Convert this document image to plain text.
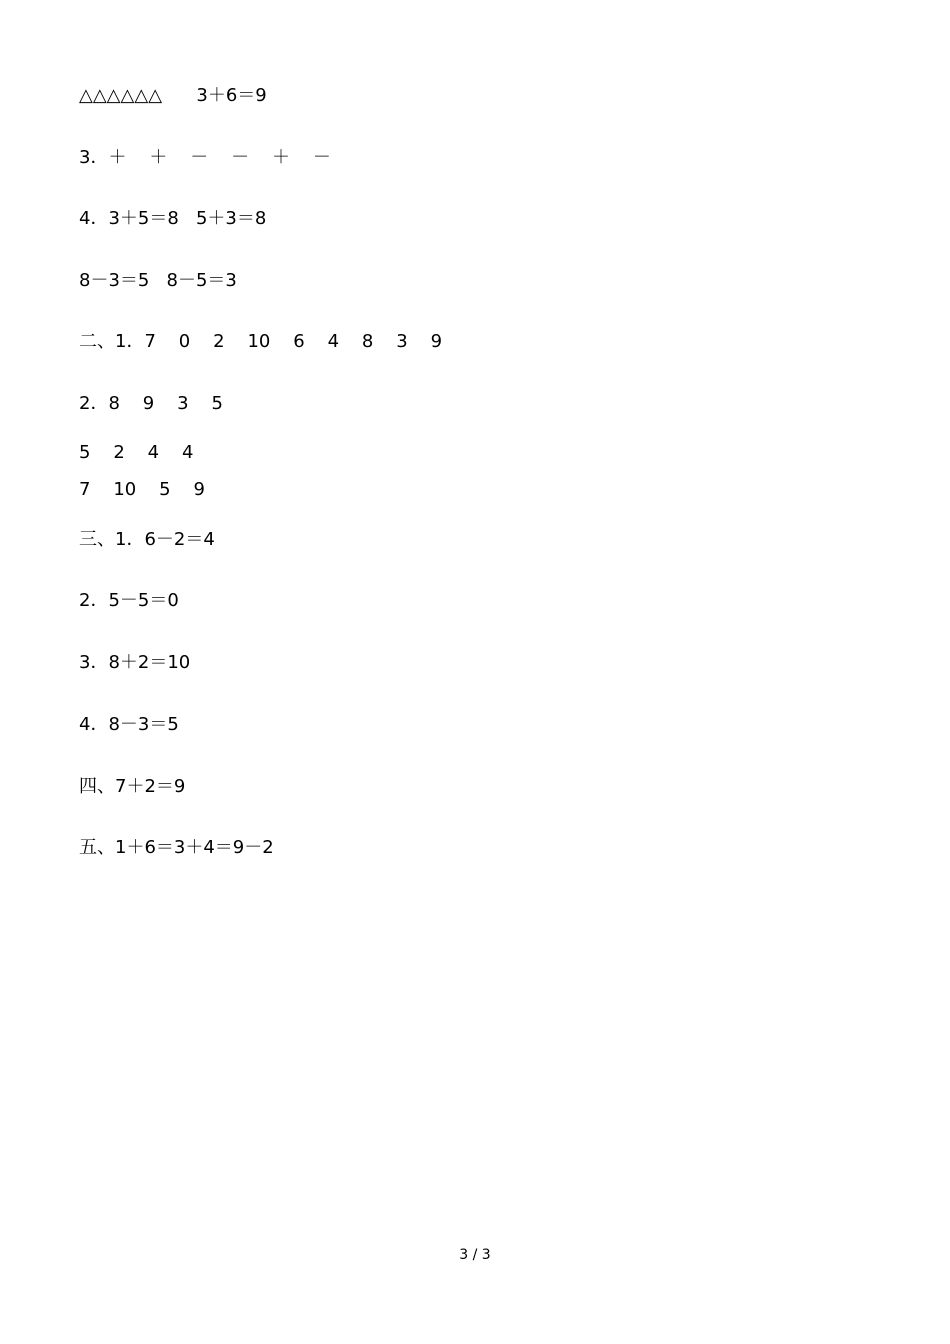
△△△△△△      3＋6＝9
3．＋    ＋    －    －    ＋    －
4．3＋5＝8   5＋3＝8
8－3＝5   8－5＝3
二、1．7    0    2    10    6    4    8    3    9
2．8    9    3    5
5    2    4    4
7    10    5    9
三、1．6－2＝4
2．5－5＝0
3．8＋2＝10
4．8－3＝5
四、7＋2＝9
五、1＋6＝3＋4＝9－2
3 / 3
